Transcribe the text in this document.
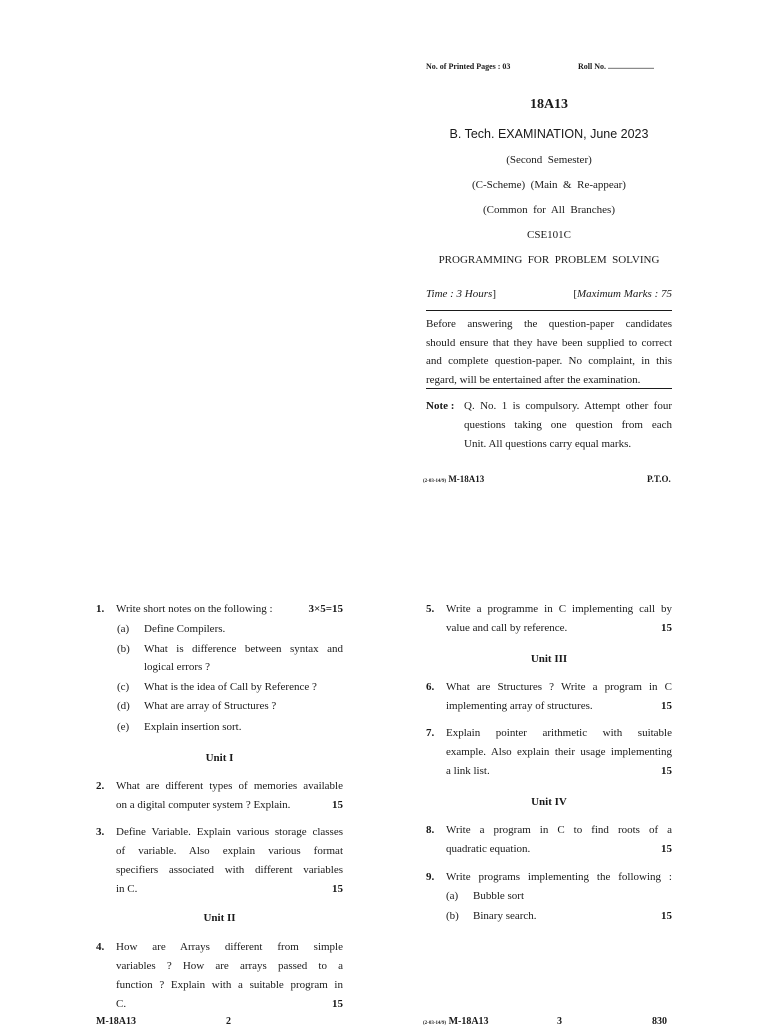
No. of Printed Pages : 03	Roll No. .......................
18A13
B. Tech. EXAMINATION, June 2023
(Second  Semester)
(C-Scheme)  (Main  &  Re-appear)
(Common  for  All  Branches)
CSE101C
PROGRAMMING  FOR  PROBLEM  SOLVING
Time : 3 Hours]	[Maximum Marks : 75
Before answering the question-paper candidates
should ensure that they have been supplied to correct
and complete question-paper. No complaint, in this
regard, will be entertained after the examination.
Note : Q. No. 1 is compulsory. Attempt other four
questions taking one question from each
Unit. All questions carry equal marks.
(2-03-14/9) M-18A13	P.T.O.
1. Write short notes on the following :	3×5=15
(a) Define Compilers.
(b) What is difference between syntax and
logical errors ?
(c) What is the idea of Call by Reference ?
(d) What are array of Structures ?
(e) Explain insertion sort.
Unit I
2. What are different types of memories available
on a digital computer system ? Explain.	15
3. Define Variable. Explain various storage classes
of variable. Also explain various format
specifiers associated with different variables
in C.	15
Unit II
4. How are Arrays different from simple
variables ? How are arrays passed to a
function ? Explain with a suitable program in
C.	15
M-18A13	2
5. Write a programme in C implementing call by
value and call by reference.	15
Unit III
6. What are Structures ? Write a program in C
implementing array of structures.	15
7. Explain pointer arithmetic with suitable
example. Also explain their usage implementing
a link list.	15
Unit IV
8. Write a program in C to find roots of a
quadratic equation.	15
9. Write programs implementing the following :
(a) Bubble sort
(b) Binary search.	15
(2-03-14/9) M-18A13	3	830
